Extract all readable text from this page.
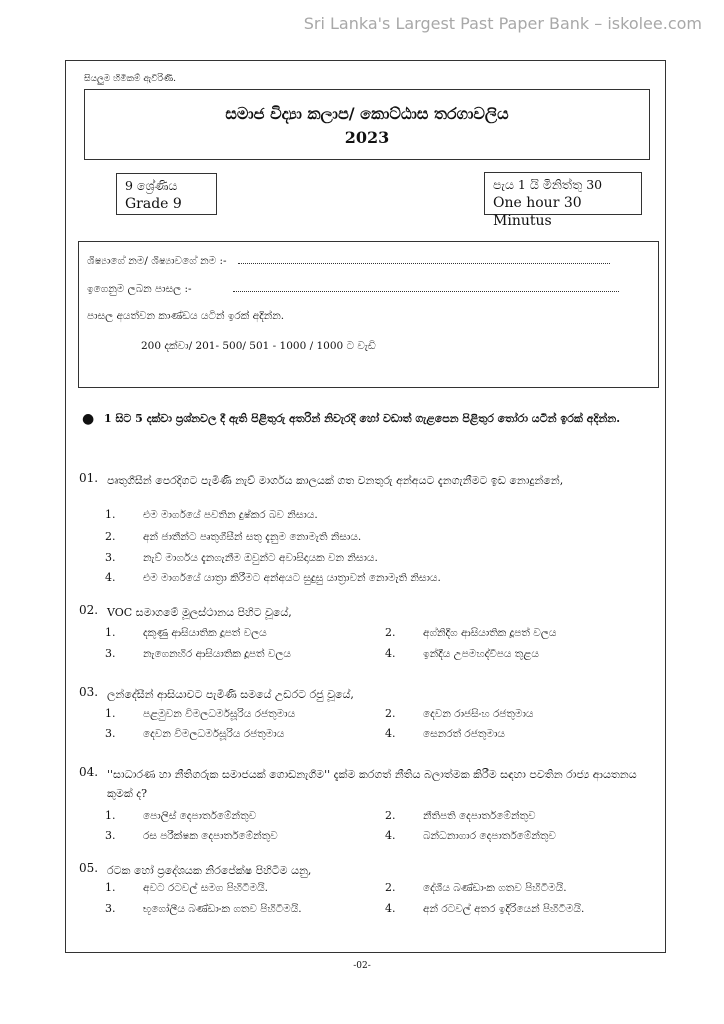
Sri Lanka's Largest Past Paper Bank – iskolee.com
සියලුම හිමිකම් ඇවිරිණි.
සමාජ විද්‍යා කලාප/ කොට්ඨාස තරගාවලිය
2023
9 ශ්‍රේණිය
Grade 9
පැය 1 යි මිනිත්තු 30
One hour 30 Minutus
ශිෂ්‍යාගේ නම/ ශිෂ්‍යාවගේ නම :-
ඉගෙනුම ලබන පාසල :-
පාසල අයත්වන කාණ්ඩය යටින් ඉරක් අදින්න.
200 දක්වා/ 201- 500/ 501 - 1000 / 1000 ට වැඩි
● 1 සිට 5 දක්වා ප්‍රශ්නවල දී ඇති පිළිතුරු අතරින් නිවැරදි හෝ වඩාත් ගැළපෙන පිළිතුර තෝරා යටින් ඉරක් අදින්න.
01. පෘතුගීසීන් පෙරදිගට පැමිණි නැව් මාර්ගය කාලයක් ගත වනතුරු අන්අයට දැනගැනීමට ඉඩ නොදුන්නේ,
1.	එම මාර්ගයේ පවතින දුෂ්කර බව නිසාය.
2.	අන් ජාතීන්ට පෘතුගීසීන් සතු දැනුම නොමැති නිසාය.
3.	නැව් මාර්ගය දැනගැනීම ඔවුන්ට අවාසිදායක වන නිසාය.
4.	එම මාර්ගයේ යාත්‍රා කිරීමට අන්අයට සුදුසු යාත්‍රාවන් නොමැති නිසාය.
02. VOC සමාගමේ මූලස්ථානය පිහිට වූයේ,
1.	දකුණු ආසියාතික දූපත් වලය	2.	අග්නිදිග ආසියාතික දූපත් වලය
3.	නැගෙනහිර ආසියාතික දූපත් වලය	4.	ඉන්දීය උපමහද්වීපය තුළය
03. ලන්දේසීන් ආසියාවට පැමිණි සමයේ උඩරට රජු වූයේ,
1.	පළමුවන විමලධර්මසූරිය රජතුමාය	2.	දෙවන රාජසිංහ රජතුමාය
3.	දෙවන විමලධර්මසූරිය රජතුමාය	4.	සෙනරත් රජතුමාය
04. ''සාධාරණ හා නීතිගරුක සමාජයක් ගොඩනැගීම'' දැක්ම කරගත් නීතිය බලාත්මක කිරීම සඳහා පවතින රාජ්‍ය ආයතනය කුමක් ද?
1.	පොලිස් දෙපාර්තමේන්තුව	2.	නීතිපති දෙපාර්තමේන්තුව
3.	රස පරීක්ෂක දෙපාර්තමේන්තුව	4.	බන්ධනාගාර දෙපාර්තමේන්තුව
05. රටක හෝ ප්‍රදේශයක නිරපේක්ෂ පිහිටීම යනු,
1.	අවට රටවල් සමග පිහිටීමයි.	2.	දේශීය බණ්ඩාංක ගතව පිහිටීමයි.
3.	භූගෝලීය බණ්ඩාංක ගතව පිහිටීමයි.	4.	අන් රටවල් අතර ඉදිරියෙන් පිහිටීමයි.
-02-
